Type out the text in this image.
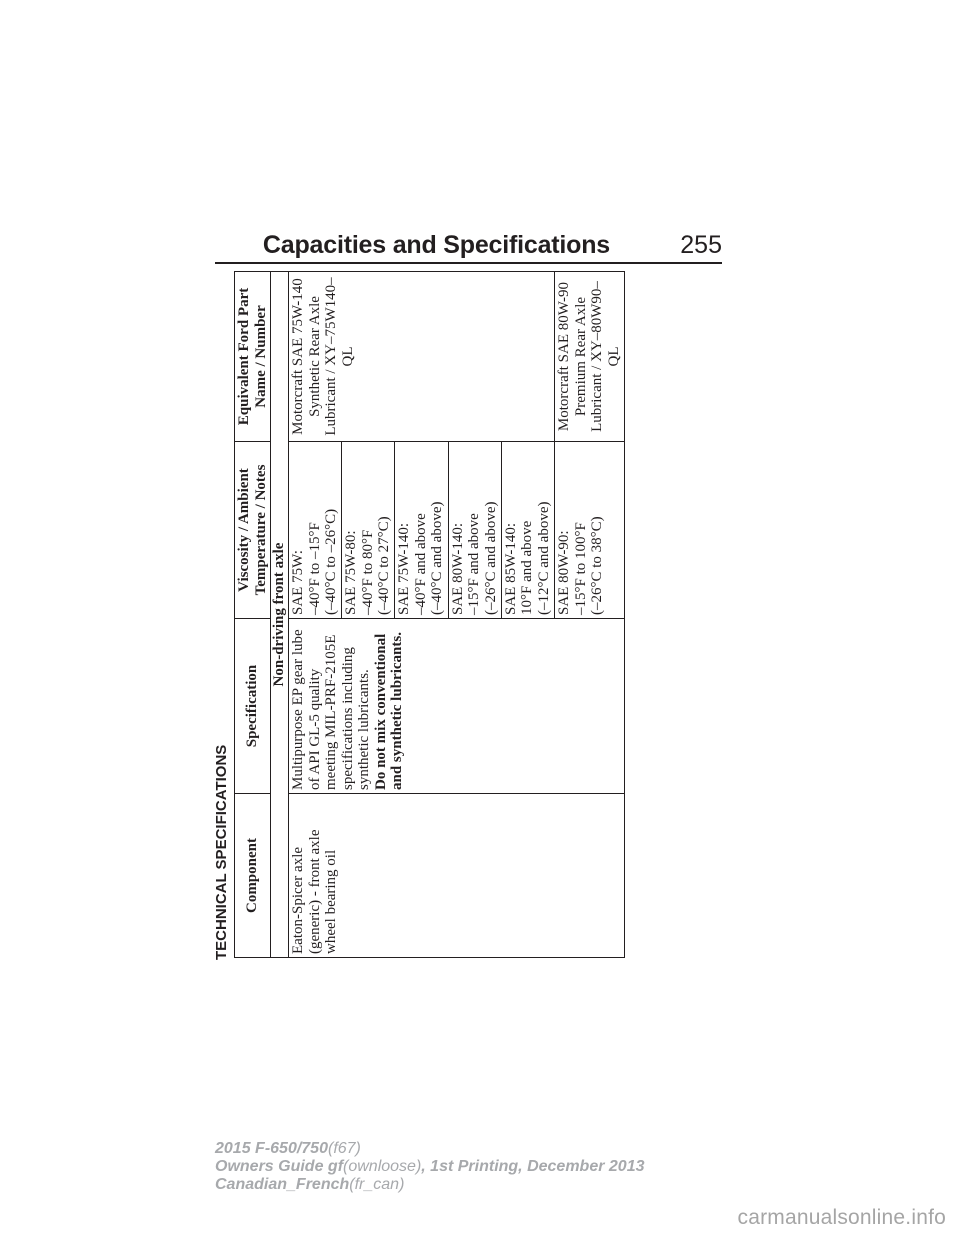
Capacities and Specifications	255
TECHNICAL SPECIFICATIONS Component	Specification	Viscosity / Ambient Temperature / Notes	Equivalent Ford Part Name / Number
Non-driving front axle			
Eaton-Spicer axle (generic) - front axle wheel bearing oil	Multipurpose EP gear lube of API GL-5 quality meeting MIL-PRF-2105E specifications including synthetic lubricants. Do not mix conventional and synthetic lubricants.	SAE 75W:
–40°F to –15°F
(–40°C to –26°C)	Motorcraft SAE 75W-140 Synthetic Rear Axle Lubricant / XY–75W140–QL
		SAE 75W-80:
–40°F to 80°F
(–40°C to 27°C)	
		SAE 75W-140:
–40°F and above
(–40°C and above)	
		SAE 80W-140:
–15°F and above
(–26°C and above)	
		SAE 85W-140:
10°F and above
(–12°C and above)	
		SAE 80W-90:
–15°F to 100°F
(–26°C to 38°C)	Motorcraft SAE 80W-90 Premium Rear Axle Lubricant / XY–80W90–QL
2015 F-650/750(f67)
Owners Guide gf(ownloose), 1st Printing, December 2013
Canadian_French(fr_can)
carmanualsonline.info
